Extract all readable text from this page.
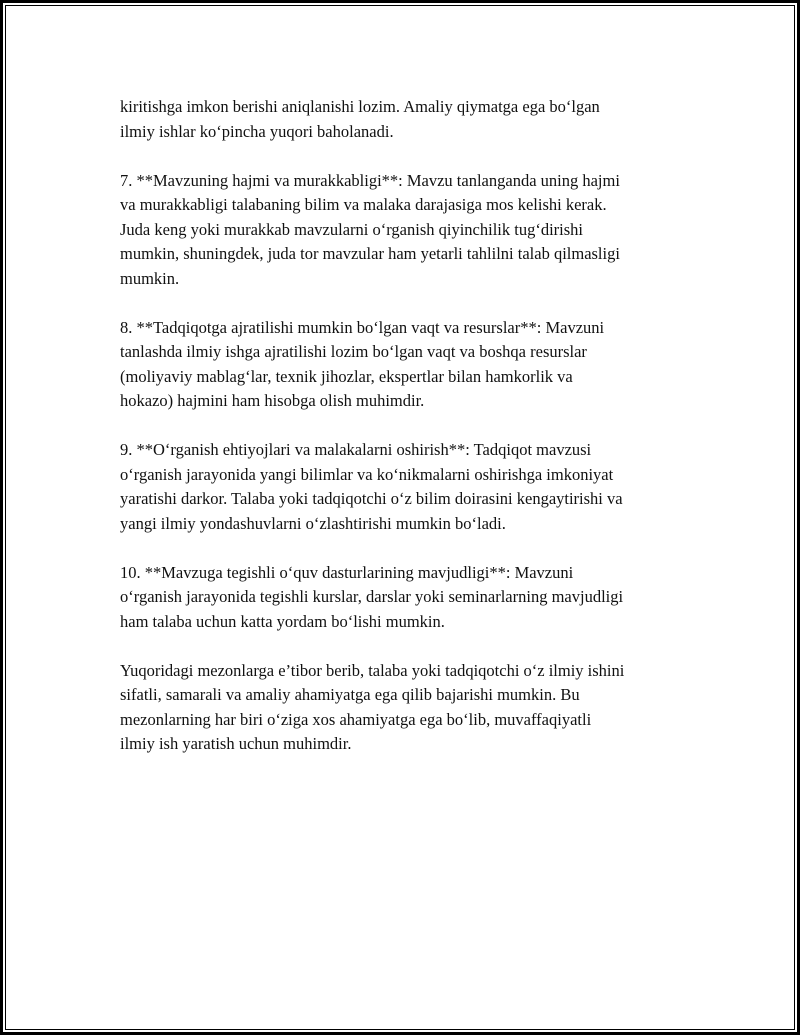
kiritishga imkon berishi aniqlanishi lozim. Amaliy qiymatga ega bo‘lgan
ilmiy ishlar ko‘pincha yuqori baholanadi.

7. **Mavzuning hajmi va murakkabligi**: Mavzu tanlanganda uning hajmi
va murakkabligi talabaning bilim va malaka darajasiga mos kelishi kerak.
Juda keng yoki murakkab mavzularni o‘rganish qiyinchilik tug‘dirishi
mumkin, shuningdek, juda tor mavzular ham yetarli tahlilni talab qilmasligi
mumkin.

8. **Tadqiqotga ajratilishi mumkin bo‘lgan vaqt va resurslar**: Mavzuni
tanlashda ilmiy ishga ajratilishi lozim bo‘lgan vaqt va boshqa resurslar
(moliyaviy mablag‘lar, texnik jihozlar, ekspertlar bilan hamkorlik va
hokazo) hajmini ham hisobga olish muhimdir.

9. **O‘rganish ehtiyojlari va malakalarni oshirish**: Tadqiqot mavzusi
o‘rganish jarayonida yangi bilimlar va ko‘nikmalarni oshirishga imkoniyat
yaratishi darkor. Talaba yoki tadqiqotchi o‘z bilim doirasini kengaytirishi va
yangi ilmiy yondashuvlarni o‘zlashtirishi mumkin bo‘ladi.

10. **Mavzuga tegishli o‘quv dasturlarining mavjudligi**: Mavzuni
o‘rganish jarayonida tegishli kurslar, darslar yoki seminarlarning mavjudligi
ham talaba uchun katta yordam bo‘lishi mumkin.

Yuqoridagi mezonlarga e’tibor berib, talaba yoki tadqiqotchi o‘z ilmiy ishini
sifatli, samarali va amaliy ahamiyatga ega qilib bajarishi mumkin. Bu
mezonlarning har biri o‘ziga xos ahamiyatga ega bo‘lib, muvaffaqiyatli
ilmiy ish yaratish uchun muhimdir.
